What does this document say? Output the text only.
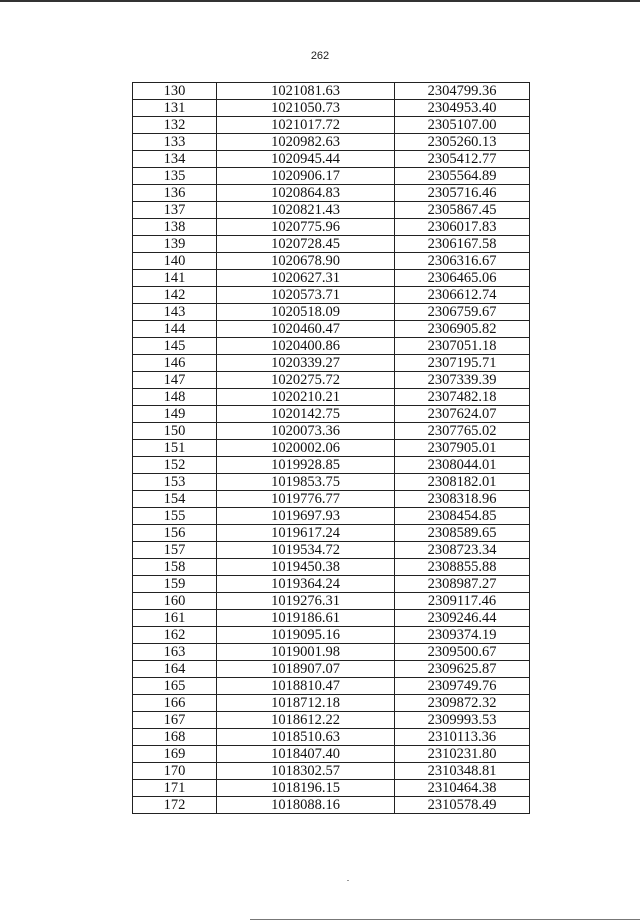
262
130	1021081.63	2304799.36
131	1021050.73	2304953.40
132	1021017.72	2305107.00
133	1020982.63	2305260.13
134	1020945.44	2305412.77
135	1020906.17	2305564.89
136	1020864.83	2305716.46
137	1020821.43	2305867.45
138	1020775.96	2306017.83
139	1020728.45	2306167.58
140	1020678.90	2306316.67
141	1020627.31	2306465.06
142	1020573.71	2306612.74
143	1020518.09	2306759.67
144	1020460.47	2306905.82
145	1020400.86	2307051.18
146	1020339.27	2307195.71
147	1020275.72	2307339.39
148	1020210.21	2307482.18
149	1020142.75	2307624.07
150	1020073.36	2307765.02
151	1020002.06	2307905.01
152	1019928.85	2308044.01
153	1019853.75	2308182.01
154	1019776.77	2308318.96
155	1019697.93	2308454.85
156	1019617.24	2308589.65
157	1019534.72	2308723.34
158	1019450.38	2308855.88
159	1019364.24	2308987.27
160	1019276.31	2309117.46
161	1019186.61	2309246.44
162	1019095.16	2309374.19
163	1019001.98	2309500.67
164	1018907.07	2309625.87
165	1018810.47	2309749.76
166	1018712.18	2309872.32
167	1018612.22	2309993.53
168	1018510.63	2310113.36
169	1018407.40	2310231.80
170	1018302.57	2310348.81
171	1018196.15	2310464.38
172	1018088.16	2310578.49
